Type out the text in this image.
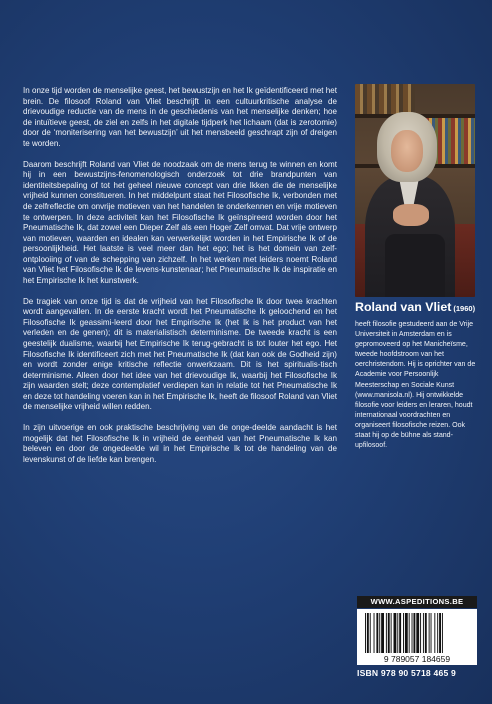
In onze tijd worden de menselijke geest, het bewustzijn en het Ik geïdentificeerd met het brein. De filosoof Roland van Vliet beschrijft in een cultuurkritische analyse de drievoudige reductie van de mens in de geschiedenis van het menselijke denken; hoe de intuïtieve geest, de ziel en zelfs in het digitale tijdperk het lichaam (dat is zerotomie) door de ‘moniterisering van het bewustzijn’ uit het mensbeeld geschrapt zijn of dreigen te worden.

Daarom beschrijft Roland van Vliet de noodzaak om de mens terug te winnen en komt hij in een bewustzijns-fenomenologisch onderzoek tot drie brandpunten van identiteitsbepaling of tot het geheel nieuwe concept van drie Ikken die de menselijke vrijheid kunnen constitueren. In het middelpunt staat het Filosofische Ik, verbonden met de zelfreflectie om onvrije motieven van het handelen te onderkennen en vrije motieven te ontwerpen. In deze activiteit kan het Filosofische Ik geïnspireerd worden door het Pneumatische Ik, dat zowel een Dieper Zelf als een Hoger Zelf omvat. Dat vrije ontwerp van motieven, waarden en idealen kan verwerkelijkt worden in het Empirische Ik of de persoonlijkheid. Het laatste is veel meer dan het ego; het is het domein van zelf-ontplooiing of van de schepping van zichzelf. In het werken met leiders noemt Roland van Vliet het Filosofische Ik de levens-kunstenaar; het Pneumatische Ik de inspiratie en het Empirische Ik het kunstwerk.

De tragiek van onze tijd is dat de vrijheid van het Filosofische Ik door twee krachten wordt aangevallen. In de eerste kracht wordt het Pneumatische Ik geloochend en het Filosofische Ik geassimi-leerd door het Empirische Ik (het Ik is het product van het verleden en de genen); dit is materialistisch determinisme. De tweede kracht is een geestelijk dualisme, waarbij het Empirische Ik terug-gebracht is tot louter het ego. Het Filosofische Ik identificeert zich met het Pneumatische Ik (dat kan ook de Godheid zijn) en wordt zonder enige kritische reflectie onwerkzaam. Dit is het spiritualis-tisch determinisme. Alleen door het idee van het drievoudige Ik, waarbij het Filosofische Ik zijn waarden stelt; deze contemplatief verdiepen kan in relatie tot het Pneumatische Ik en deze tot handeling voeren kan in het Empirische Ik, heeft de filosoof Roland van Vliet de menselijke vrijheid willen redden.

In zijn uitvoerige en ook praktische beschrijving van de onge-deelde aandacht is het mogelijk dat het Filosofische Ik in vrijheid de eenheid van het Pneumatische Ik kan beleven en door de ongedeelde wil in het Empirische Ik tot de handeling van de levenskunst of de liefde kan brengen.

Roland van Vliet (1960)
heeft filosofie gestudeerd aan de Vrije Universiteit in Amsterdam en is gepromoveerd op het Manicheïsme, tweede hoofdstroom van het oerchristendom. Hij is oprichter van de Academie voor Persoonlijk Meesterschap en Sociale Kunst (www.manisola.nl). Hij ontwikkelde filosofie voor leiders en leraren, houdt internationaal voordrachten en organiseert filosofische reizen. Ook staat hij op de bühne als stand-upfilosoof.
WWW.ASPEDITIONS.BE
9 789057 184659
ISBN 978 90 5718 465 9
